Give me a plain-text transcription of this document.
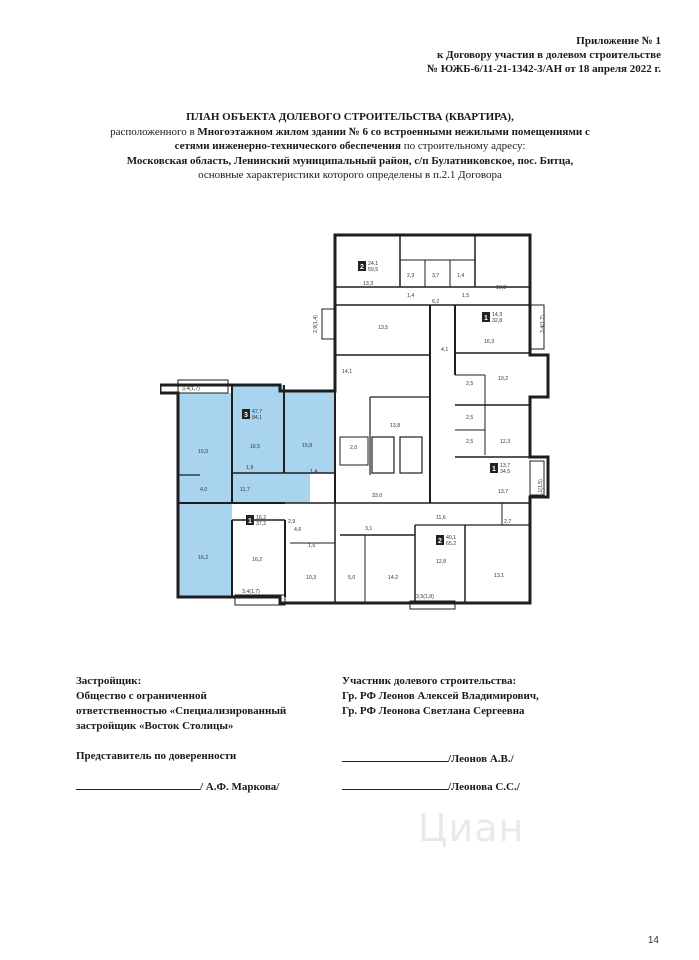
Приложение № 1
к Договору участия в долевом строительстве
№ ЮЖБ-6/11-21-1342-3/АН от 18 апреля 2022 г.
ПЛАН ОБЪЕКТА ДОЛЕВОГО СТРОИТЕЛЬСТВА (КВАРТИРА),
расположенного в Многоэтажном жилом здании № 6 со встроенными нежилыми помещениями с
сетями инженерно-технического обеспечения по строительному адресу:
Московская область, Ленинский муниципальный район, с/п Булатниковское, пос. Битца,
основные характеристики которого определены в п.2.1 Договора
2 24,1
59,5
1 14,3
32,8
3 47,7
84,1
1 13,7
34,5
1 16,2
37,2
2 40,1
65,2
13,3
2,3	3,7	1,4
10,8
1,4
6,2
1,5
13,5
2,9(1,4)	3,4(1,7)
16,3
4,1
14,1
2,5
10,2
3,4(1,7)
16,5	15,8
15,0
13,8
2,5
2,0
2,5	12,3
1,9
1,4
11,7
4,0	13,7	3,1(1,5)
33,0
2,9
4,6	3,1
11,6
2,7
16,2	16,2
1,5
10,3	5,0	14,2
12,8
13,1
3,4(1,7)
3,5(1,8)
Застройщик:
Общество с ограниченной
ответственностью «Специализированный
застройщик «Восток Столицы»
Участник долевого строительства:
Гр. РФ Леонов Алексей Владимирович,
Гр. РФ Леонова Светлана Сергеевна
Представитель по доверенности	/Леонов А.В./
/ А.Ф. Маркова/	/Леонова С.С./
Циан
14
